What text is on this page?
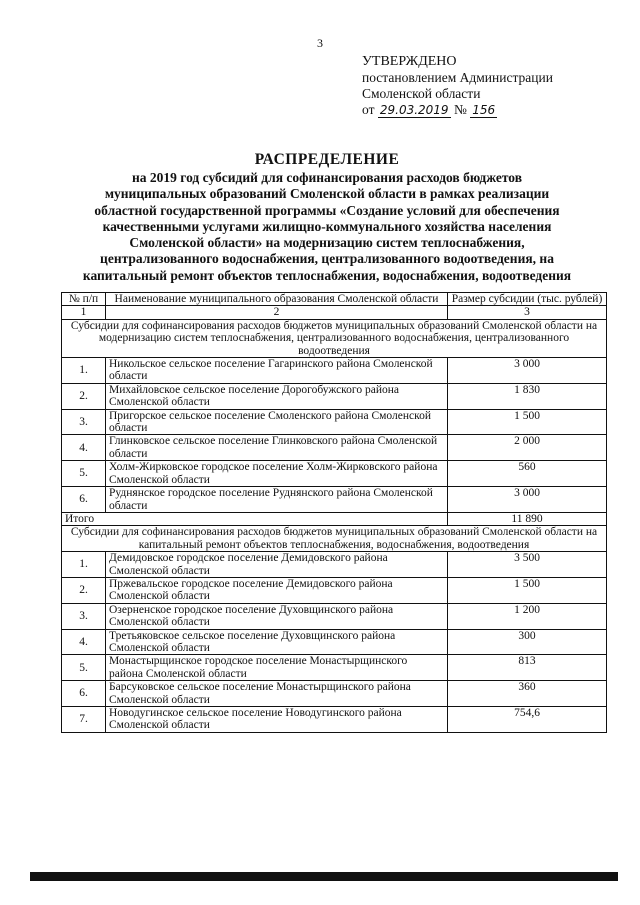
3
УТВЕРЖДЕНО
постановлением Администрации
Смоленской области
от 29.03.2019 № 156
РАСПРЕДЕЛЕНИЕ
на 2019 год субсидий для софинансирования расходов бюджетов
муниципальных образований Смоленской области в рамках реализации
областной государственной программы «Создание условий для обеспечения
качественными услугами жилищно-коммунального хозяйства населения
Смоленской области» на модернизацию систем теплоснабжения,
централизованного водоснабжения, централизованного водоотведения, на
капитальный ремонт объектов теплоснабжения, водоснабжения, водоотведения
№ п/п	Наименование муниципального образования Смоленской области	Размер субсидии (тыс. рублей)
1	2	3
Субсидии для софинансирования расходов бюджетов муниципальных образований Смоленской области на модернизацию систем теплоснабжения, централизованного водоснабжения, централизованного водоотведения		
1.	Никольское сельское поселение Гагаринского района Смоленской области	3 000
2.	Михайловское сельское поселение Дорогобужского района Смоленской области	1 830
3.	Пригорское сельское поселение Смоленского района Смоленской области	1 500
4.	Глинковское сельское поселение Глинковского района Смоленской области	2 000
5.	Холм-Жирковское городское поселение Холм-Жирковского района Смоленской области	560
6.	Руднянское городское поселение Руднянского района Смоленской области	3 000
Итого		11 890
Субсидии для софинансирования расходов бюджетов муниципальных образований Смоленской области на капитальный ремонт объектов теплоснабжения, водоснабжения, водоотведения		
1.	Демидовское городское поселение Демидовского района Смоленской области	3 500
2.	Пржевальское городское поселение Демидовского района Смоленской области	1 500
3.	Озерненское городское поселение Духовщинского района Смоленской области	1 200
4.	Третьяковское сельское поселение Духовщинского района Смоленской области	300
5.	Монастырщинское городское поселение Монастырщинского района Смоленской области	813
6.	Барсуковское сельское поселение Монастырщинского района Смоленской области	360
7.	Новодугинское сельское поселение Новодугинского района Смоленской области	754,6
